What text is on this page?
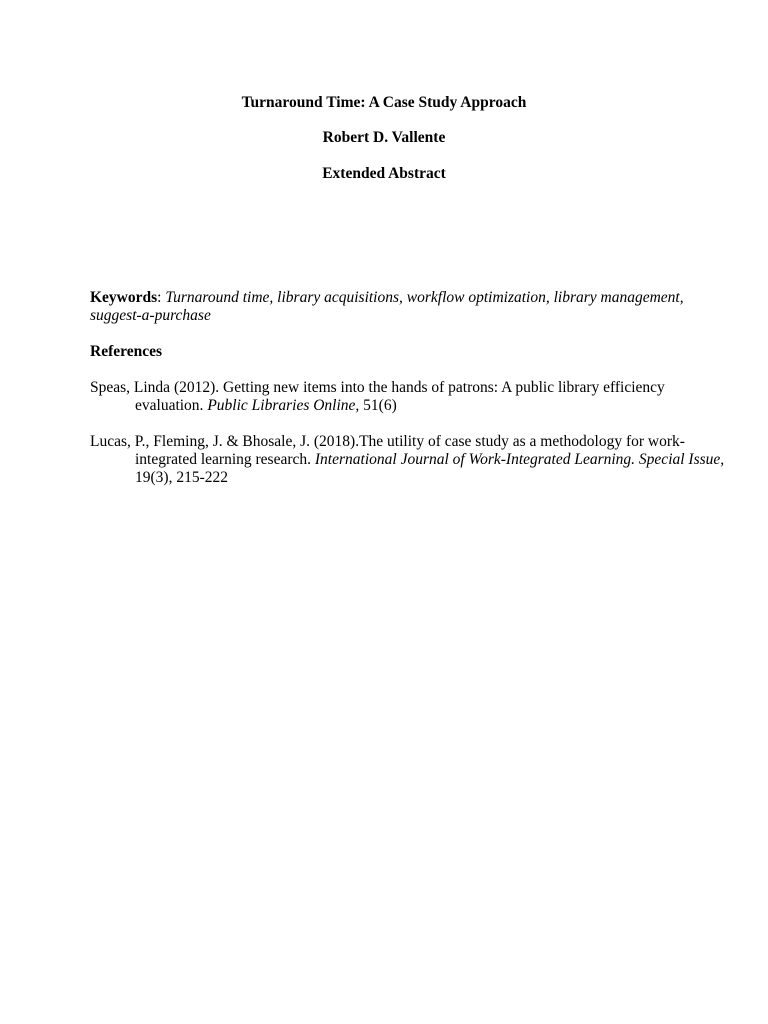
Turnaround Time: A Case Study Approach
Robert D. Vallente
Extended Abstract
Keywords: Turnaround time, library acquisitions, workflow optimization, library management, suggest-a-purchase
References
Speas, Linda (2012). Getting new items into the hands of patrons: A public library efficiency evaluation. Public Libraries Online, 51(6)
Lucas, P., Fleming, J. & Bhosale, J. (2018).The utility of case study as a methodology for work-integrated learning research. International Journal of Work-Integrated Learning. Special Issue, 19(3), 215-222
